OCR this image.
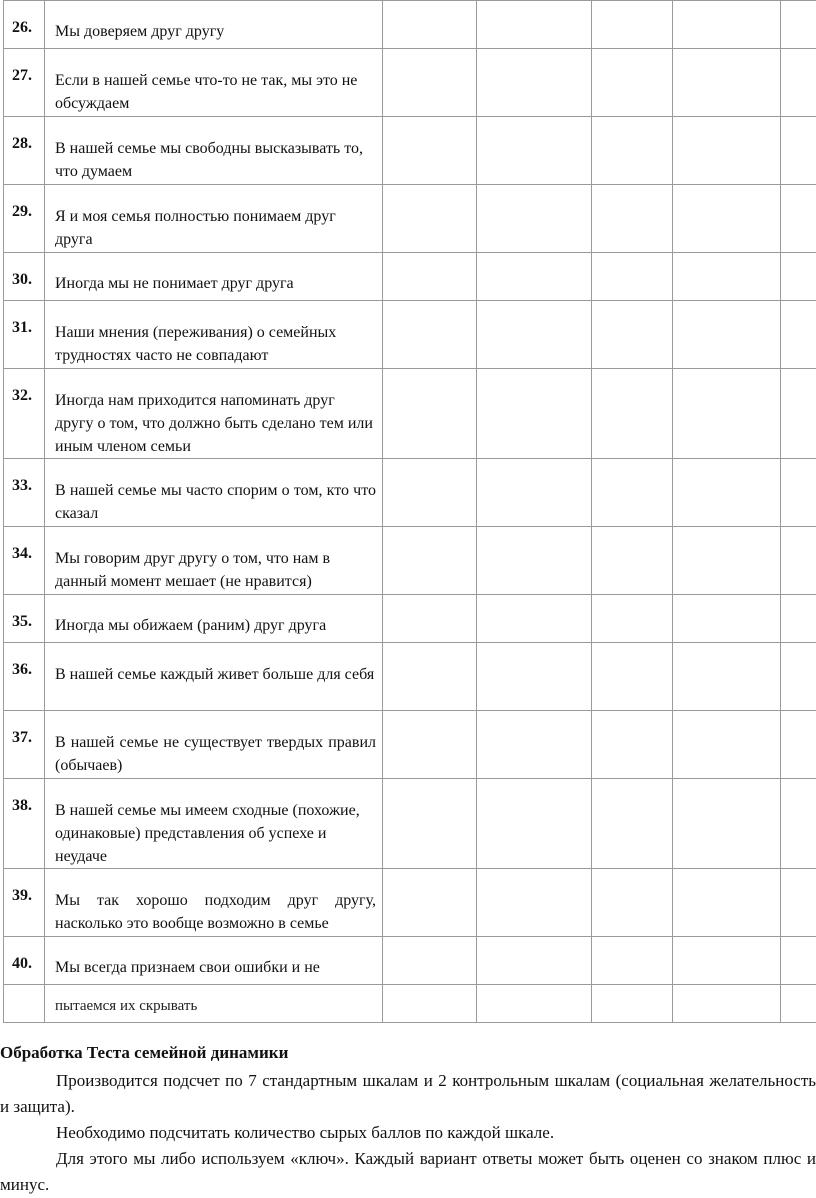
26.	Мы доверяем друг другу					

27.	Если в нашей семье что-то не так, мы это не обсуждаем					

28.	В нашей семье мы свободны высказывать то, что думаем					

29.	Я и моя семья полностью понимаем друг друга					

30.	Иногда мы не понимает друг друга					

31.	Наши мнения (переживания) о семейных трудностях часто не совпадают					

32.	Иногда нам приходится напоминать друг другу о том, что должно быть сделано тем или иным членом семьи					

33.	В нашей семье мы часто спорим о том, кто что сказал					

34.	Мы говорим друг другу о том, что нам в данный момент мешает (не нравится)					

35.	Иногда мы обижаем (раним) друг друга					

36.	В нашей семье каждый живет больше для себя					

37.	В нашей семье не существует твердых правил (обычаев)					

38.	В нашей семье мы имеем сходные (похожие, одинаковые) представления об успехе и неудаче					

39.	Мы так хорошо подходим друг другу, насколько это вообще возможно в семье					

40.	Мы всегда признаем свои ошибки и не					

	пытаемся их скрывать					

Обработка Теста семейной динамики

Производится подсчет по 7 стандартным шкалам и 2 контрольным шкалам (социальная желательность и защита).

Необходимо подсчитать количество сырых баллов по каждой шкале.

Для этого мы либо используем «ключ». Каждый вариант ответы может быть оценен со знаком плюс и минус.
